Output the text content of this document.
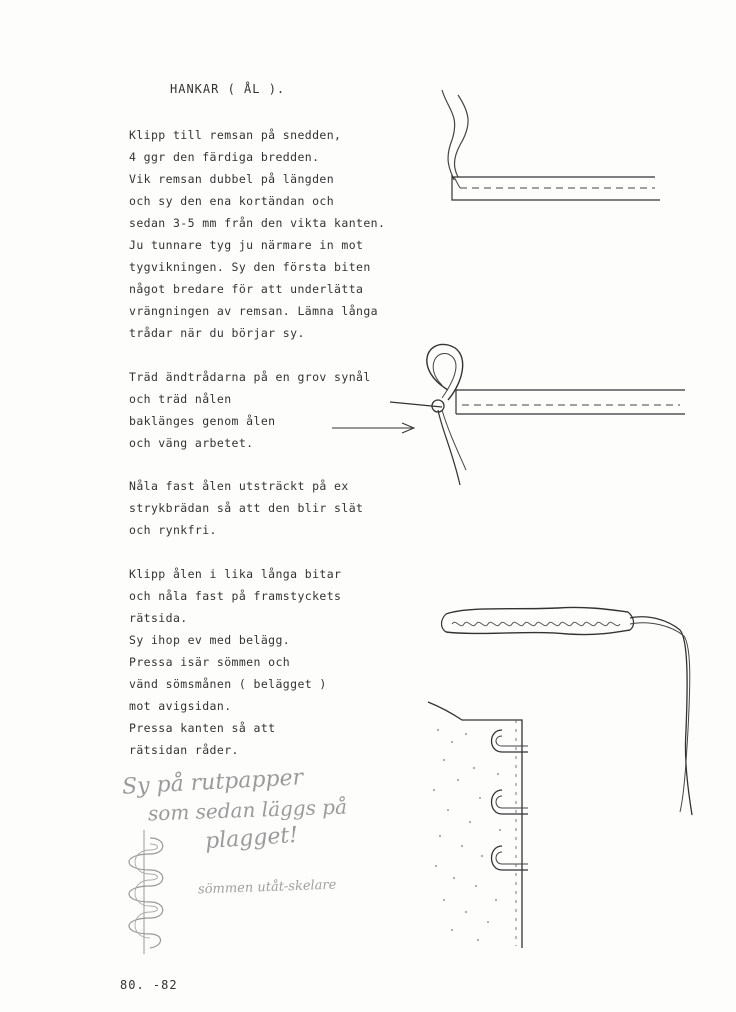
HANKAR ( ÅL ).
Klipp till remsan på snedden,
4 ggr den färdiga bredden.
Vik remsan dubbel på längden
och sy den ena kortändan och
sedan 3-5 mm från den vikta kanten.
Ju tunnare tyg ju närmare in mot
tygvikningen. Sy den första biten
något bredare för att underlätta
vrängningen av remsan. Lämna långa
trådar när du börjar sy.
Träd ändtrådarna på en grov synål
och träd nålen
baklänges genom ålen
och väng arbetet.
Nåla fast ålen utsträckt på ex
strykbrädan så att den blir slät
och rynkfri.
Klipp ålen i lika långa bitar
och nåla fast på framstyckets
rätsida.
Sy ihop ev med belägg.
Pressa isär sömmen och
vänd sömsmånen ( belägget )
mot avigsidan.
Pressa kanten så att
rätsidan råder.
Sy på rutpapper
som sedan läggs på
plagget!
sömmen utåt-skelare
80. -82
